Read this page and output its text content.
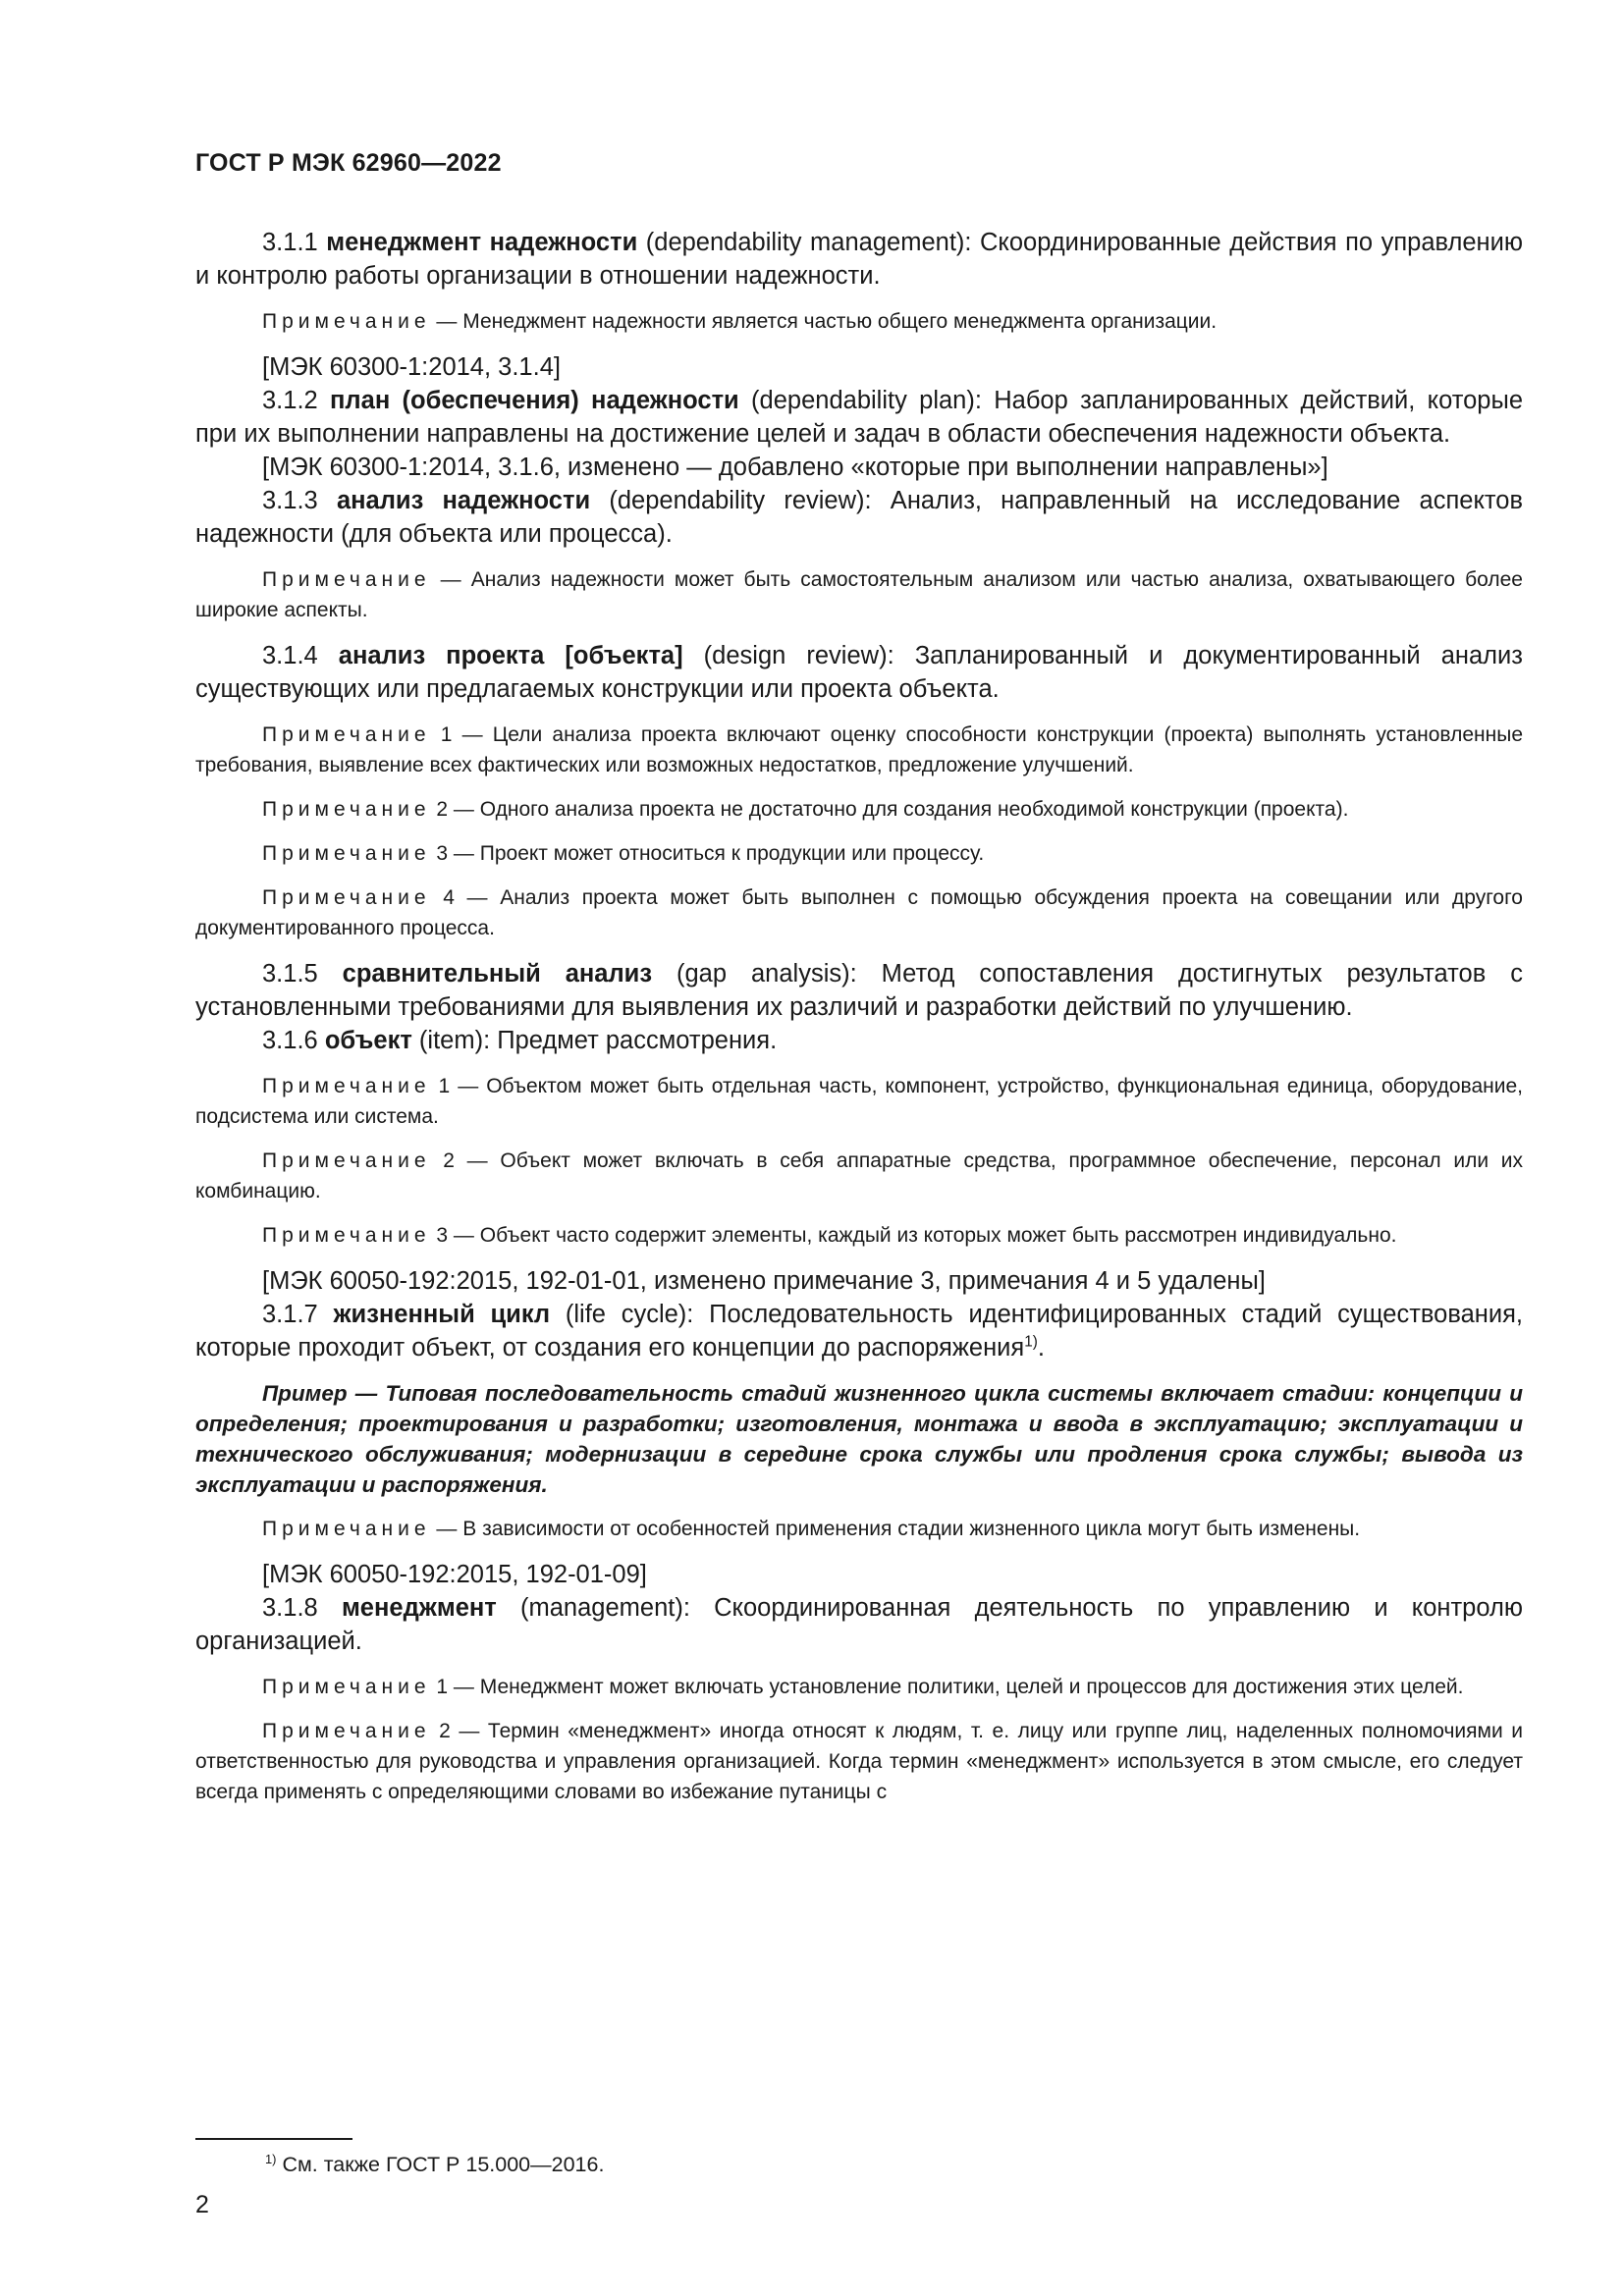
ГОСТ Р МЭК 62960—2022

3.1.1 менеджмент надежности (dependability management): Скоординированные действия по управлению и контролю работы организации в отношении надежности.

Примечание — Менеджмент надежности является частью общего менеджмента организации.

[МЭК 60300-1:2014, 3.1.4]

3.1.2 план (обеспечения) надежности (dependability plan): Набор запланированных действий, которые при их выполнении направлены на достижение целей и задач в области обеспечения надежности объекта.

[МЭК 60300-1:2014, 3.1.6, изменено — добавлено «которые при выполнении направлены»]

3.1.3 анализ надежности (dependability review): Анализ, направленный на исследование аспектов надежности (для объекта или процесса).

Примечание — Анализ надежности может быть самостоятельным анализом или частью анализа, охватывающего более широкие аспекты.

3.1.4 анализ проекта [объекта] (design review): Запланированный и документированный анализ существующих или предлагаемых конструкции или проекта объекта.

Примечание 1 — Цели анализа проекта включают оценку способности конструкции (проекта) выполнять установленные требования, выявление всех фактических или возможных недостатков, предложение улучшений.

Примечание 2 — Одного анализа проекта не достаточно для создания необходимой конструкции (проекта).

Примечание 3 — Проект может относиться к продукции или процессу.

Примечание 4 — Анализ проекта может быть выполнен с помощью обсуждения проекта на совещании или другого документированного процесса.

3.1.5 сравнительный анализ (gap analysis): Метод сопоставления достигнутых результатов с установленными требованиями для выявления их различий и разработки действий по улучшению.

3.1.6 объект (item): Предмет рассмотрения.

Примечание 1 — Объектом может быть отдельная часть, компонент, устройство, функциональная единица, оборудование, подсистема или система.

Примечание 2 — Объект может включать в себя аппаратные средства, программное обеспечение, персонал или их комбинацию.

Примечание 3 — Объект часто содержит элементы, каждый из которых может быть рассмотрен индивидуально.

[МЭК 60050-192:2015, 192-01-01, изменено примечание 3, примечания 4 и 5 удалены]

3.1.7 жизненный цикл (life cycle): Последовательность идентифицированных стадий существования, которые проходит объект, от создания его концепции до распоряжения$^{1)}$.

Пример — Типовая последовательность стадий жизненного цикла системы включает стадии: концепции и определения; проектирования и разработки; изготовления, монтажа и ввода в эксплуатацию; эксплуатации и технического обслуживания; модернизации в середине срока службы или продления срока службы; вывода из эксплуатации и распоряжения.

Примечание — В зависимости от особенностей применения стадии жизненного цикла могут быть изменены.

[МЭК 60050-192:2015, 192-01-09]

3.1.8 менеджмент (management): Скоординированная деятельность по управлению и контролю организацией.

Примечание 1 — Менеджмент может включать установление политики, целей и процессов для достижения этих целей.

Примечание 2 — Термин «менеджмент» иногда относят к людям, т. е. лицу или группе лиц, наделенных полномочиями и ответственностью для руководства и управления организацией. Когда термин «менеджмент» используется в этом смысле, его следует всегда применять с определяющими словами во избежание путаницы с

$^{1)}$ См. также ГОСТ Р 15.000—2016.
2
